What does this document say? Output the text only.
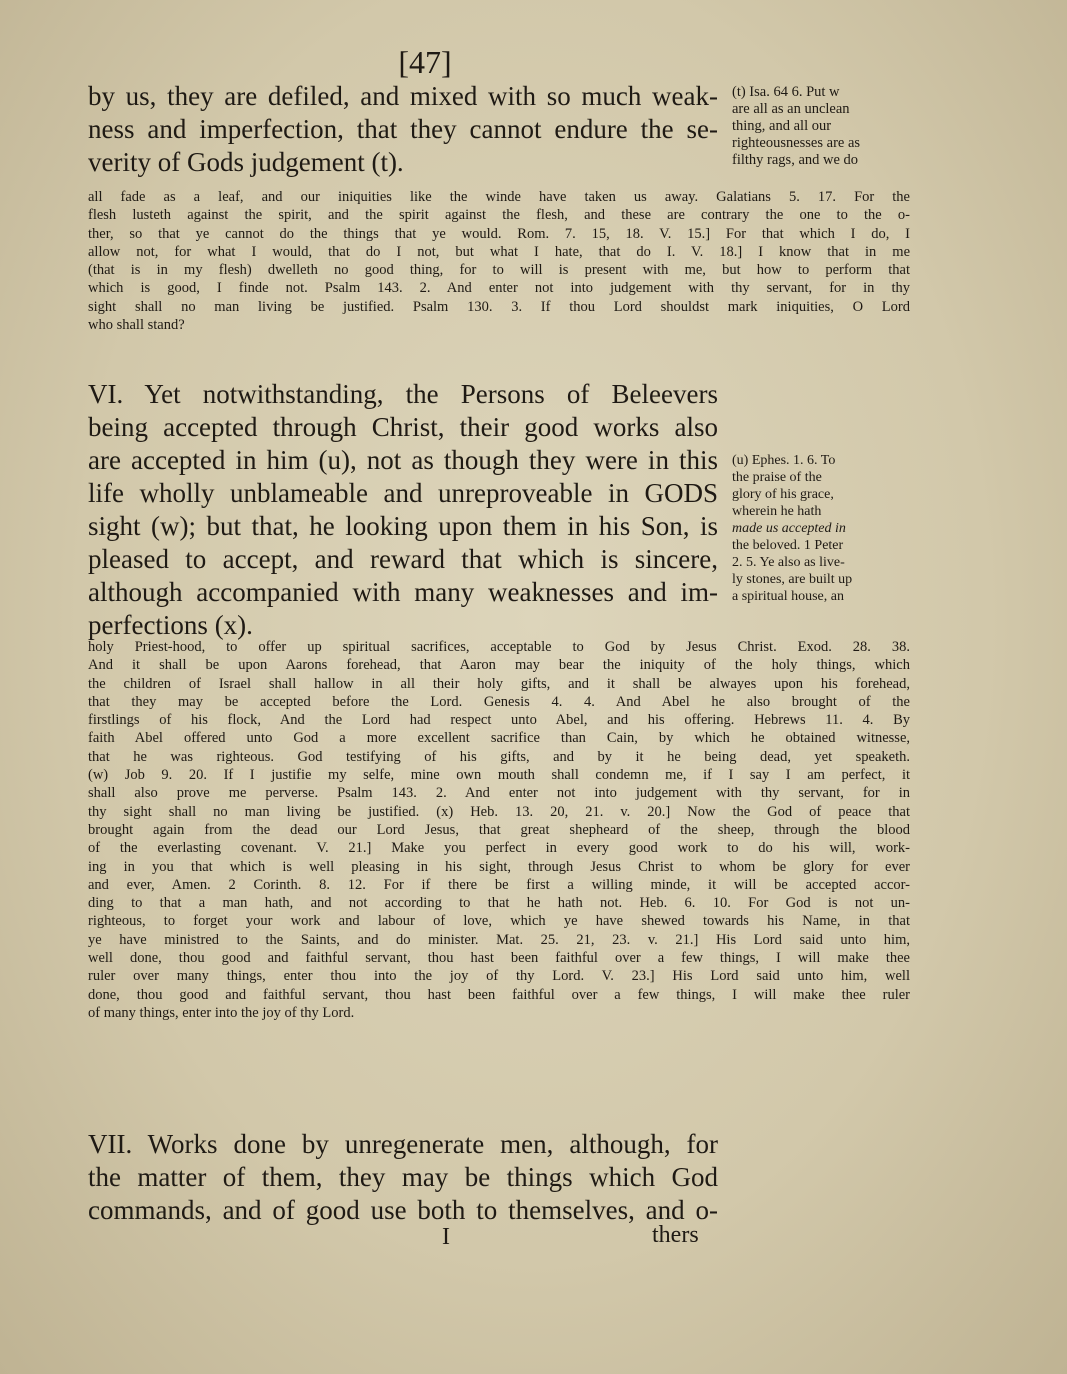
[47]
by us, they are defiled, and mixed with so much weak-
ness and imperfection, that they cannot endure the se-
verity of Gods judgement (t).
(t) Isa. 64 6. Put w
are all as an unclean
thing, and all our
righteousnesses are as
filthy rags, and we do
all fade as a leaf, and our iniquities like the winde have taken us away. Galatians 5. 17. For the
flesh lusteth against the spirit, and the spirit against the flesh, and these are contrary the one to the o-
ther, so that ye cannot do the things that ye would. Rom. 7. 15, 18. V. 15.] For that which I do, I
allow not, for what I would, that do I not, but what I hate, that do I. V. 18.] I know that in me
(that is in my flesh) dwelleth no good thing, for to will is present with me, but how to perform that
which is good, I finde not. Psalm 143. 2. And enter not into judgement with thy servant, for in thy
sight shall no man living be justified. Psalm 130. 3. If thou Lord shouldst mark iniquities, O Lord
who shall stand?
VI. Yet notwithstanding, the Persons of Beleevers
being accepted through Christ, their good works also
are accepted in him (u), not as though they were in this
life wholly unblameable and unreproveable in GODS
sight (w); but that, he looking upon them in his Son, is
pleased to accept, and reward that which is sincere,
although accompanied with many weaknesses and im-
perfections (x).
(u) Ephes. 1. 6. To
the praise of the
glory of his grace,
wherein he hath
made us accepted in
the beloved. 1 Peter
2. 5. Ye also as live-
ly stones, are built up
a spiritual house, an
holy Priest-hood, to offer up spiritual sacrifices, acceptable to God by Jesus Christ. Exod. 28. 38.
And it shall be upon Aarons forehead, that Aaron may bear the iniquity of the holy things, which
the children of Israel shall hallow in all their holy gifts, and it shall be alwayes upon his forehead,
that they may be accepted before the Lord. Genesis 4. 4. And Abel he also brought of the
firstlings of his flock, And the Lord had respect unto Abel, and his offering. Hebrews 11. 4. By
faith Abel offered unto God a more excellent sacrifice than Cain, by which he obtained witnesse,
that he was righteous. God testifying of his gifts, and by it he being dead, yet speaketh.
(w) Job 9. 20. If I justifie my selfe, mine own mouth shall condemn me, if I say I am perfect, it
shall also prove me perverse. Psalm 143. 2. And enter not into judgement with thy servant, for in
thy sight shall no man living be justified. (x) Heb. 13. 20, 21. v. 20.] Now the God of peace that
brought again from the dead our Lord Jesus, that great shepheard of the sheep, through the blood
of the everlasting covenant. V. 21.] Make you perfect in every good work to do his will, work-
ing in you that which is well pleasing in his sight, through Jesus Christ to whom be glory for ever
and ever, Amen. 2 Corinth. 8. 12. For if there be first a willing minde, it will be accepted accor-
ding to that a man hath, and not according to that he hath not. Heb. 6. 10. For God is not un-
righteous, to forget your work and labour of love, which ye have shewed towards his Name, in that
ye have ministred to the Saints, and do minister. Mat. 25. 21, 23. v. 21.] His Lord said unto him,
well done, thou good and faithful servant, thou hast been faithful over a few things, I will make thee
ruler over many things, enter thou into the joy of thy Lord. V. 23.] His Lord said unto him, well
done, thou good and faithful servant, thou hast been faithful over a few things, I will make thee ruler
of many things, enter into the joy of thy Lord.
VII. Works done by unregenerate men, although, for
the matter of them, they may be things which God
commands, and of good use both to themselves, and o-
I	thers
